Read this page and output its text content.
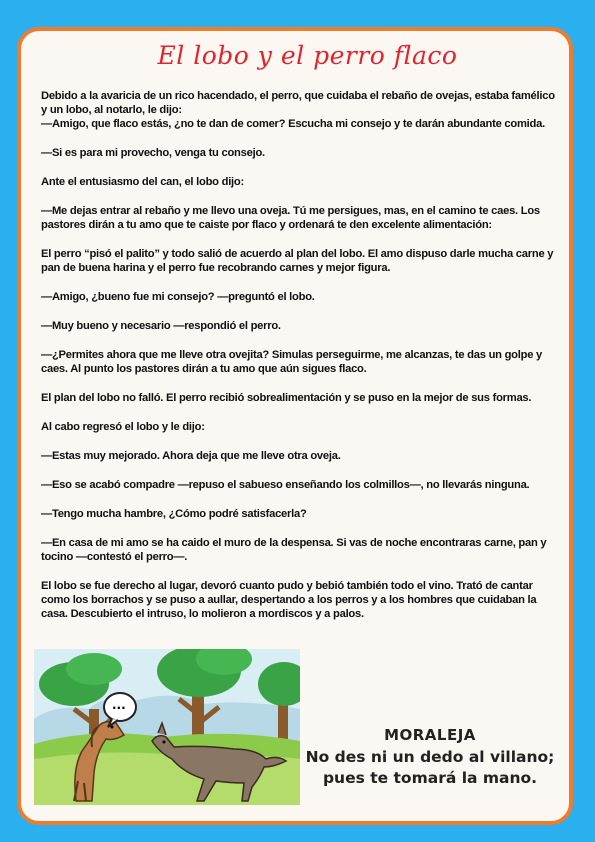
El lobo y el perro flaco

Debido a la avaricia de un rico hacendado, el perro, que cuidaba el rebaño de ovejas, estaba famélico y un lobo, al notarlo, le dijo:
—Amigo, que flaco estás, ¿no te dan de comer? Escucha mi consejo y te darán abundante comida.

—Si es para mi provecho, venga tu consejo.

Ante el entusiasmo del can, el lobo dijo:

—Me dejas entrar al rebaño y me llevo una oveja. Tú me persigues, mas, en el camino te caes. Los pastores dirán a tu amo que te caiste por flaco y ordenará te den excelente alimentación:

El perro “pisó el palito” y todo salió de acuerdo al plan del lobo. El amo dispuso darle mucha carne y pan de buena harina y el perro fue recobrando carnes y mejor figura.

—Amigo, ¿bueno fue mi consejo? —preguntó el lobo.

—Muy bueno y necesario —respondió el perro.

—¿Permites ahora que me lleve otra ovejita? Simulas perseguirme, me alcanzas, te das un golpe y caes. Al punto los pastores dirán a tu amo que aún sigues flaco.

El plan del lobo no falló. El perro recibió sobrealimentación y se puso en la mejor de sus formas.

Al cabo regresó el lobo y le dijo:

—Estas muy mejorado. Ahora deja que me lleve otra oveja.

—Eso se acabó compadre —repuso el sabueso enseñando los colmillos—, no llevarás ninguna.

—Tengo mucha hambre, ¿Cómo podré satisfacerla?

—En casa de mi amo se ha caido el muro de la despensa. Si vas de noche encontraras carne, pan y tocino —contestó el perro—.

El lobo se fue derecho al lugar, devoró cuanto pudo y bebió también todo el vino. Trató de cantar como los borrachos y se puso a aullar, despertando a los perros y a los hombres que cuidaban la casa. Descubierto el intruso, lo molieron a mordiscos y a palos.

...
MORALEJA
No des ni un dedo al villano;
pues te tomará la mano.
